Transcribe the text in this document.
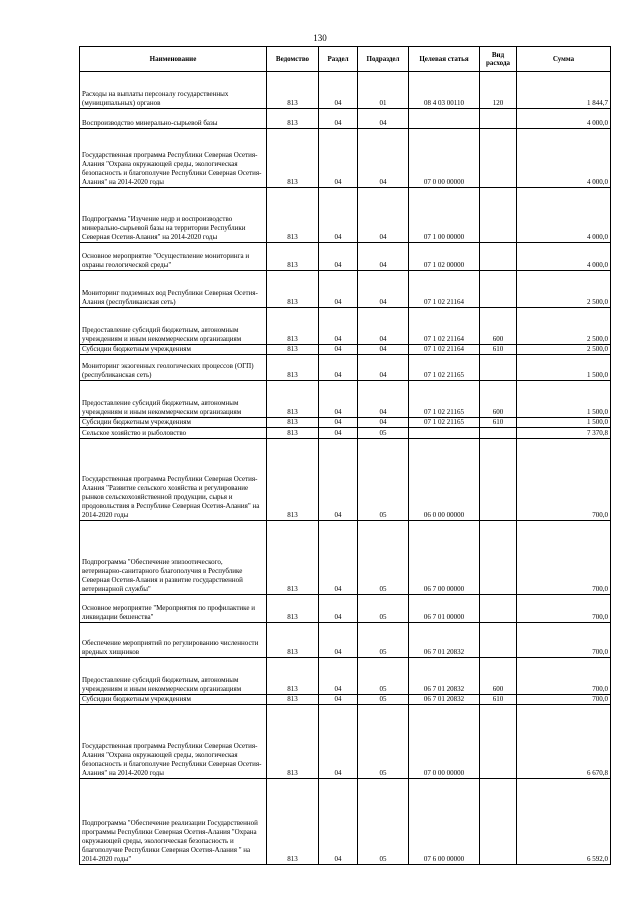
130
Наименование	Ведомство	Раздел	Подраздел	Целевая статья	Вид расхода	Сумма
Расходы на выплаты персоналу государственных (муниципальных) органов	813	04	01	08 4 03 00110	120	1 844,7
Воспроизводство минерально-сырьевой базы	813	04	04			4 000,0
Государственная программа Республики Северная Осетия-Алания "Охрана окружающей среды, экологическая безопасность и благополучие Республики Северная Осетия-Алания" на 2014-2020 годы	813	04	04	07 0 00 00000		4 000,0
Подпрограмма "Изучение недр и воспроизводство минерально-сырьевой базы на территории Республики Северная Осетия-Алания" на 2014-2020 годы	813	04	04	07 1 00 00000		4 000,0
Основное мероприятие "Осуществление мониторинга и охраны геологической среды"	813	04	04	07 1 02 00000		4 000,0
Мониторинг подземных вод Республики Северная Осетия-Алания (республиканская сеть)	813	04	04	07 1 02 21164		2 500,0
Предоставление субсидий бюджетным, автономным учреждениям и иным некоммерческим организациям	813	04	04	07 1 02 21164	600	2 500,0
Субсидии бюджетным учреждениям	813	04	04	07 1 02 21164	610	2 500,0
Мониторинг экзогенных геологических процессов (ОГП) (республиканская сеть)	813	04	04	07 1 02 21165		1 500,0
Предоставление субсидий бюджетным, автономным учреждениям и иным некоммерческим организациям	813	04	04	07 1 02 21165	600	1 500,0
Субсидии бюджетным учреждениям	813	04	04	07 1 02 21165	610	1 500,0
Сельское хозяйство и рыболовство	813	04	05			7 370,8
Государственная программа Республики Северная Осетия-Алания "Развитие сельского хозяйства и регулирование рынков сельскохозяйственной продукции, сырья и продовольствия в Республике Северная Осетия-Алания" на 2014-2020 годы	813	04	05	06 0 00 00000		700,0
Подпрограмма "Обеспечение эпизоотического, ветеринарно-санитарного благополучия в Республике Северная Осетия-Алания и развитие государственной ветеринарной службы"	813	04	05	06 7 00 00000		700,0
Основное мероприятие "Мероприятия по профилактике и ликвидации бешенства"	813	04	05	06 7 01 00000		700,0
Обеспечение мероприятий по регулированию численности вредных хищников	813	04	05	06 7 01 20832		700,0
Предоставление субсидий бюджетным, автономным учреждениям и иным некоммерческим организациям	813	04	05	06 7 01 20832	600	700,0
Субсидии бюджетным учреждениям	813	04	05	06 7 01 20832	610	700,0
Государственная программа Республики Северная Осетия-Алания "Охрана окружающей среды, экологическая безопасность и благополучие Республики Северная Осетия-Алания" на 2014-2020 годы	813	04	05	07 0 00 00000		6 670,8
Подпрограмма "Обеспечение реализации Государственной программы Республики Северная Осетия-Алания "Охрана окружающей среды, экологическая безопасность и благополучие Республики Северная Осетия-Алания " на 2014-2020 годы"	813	04	05	07 6 00 00000		6 592,0
